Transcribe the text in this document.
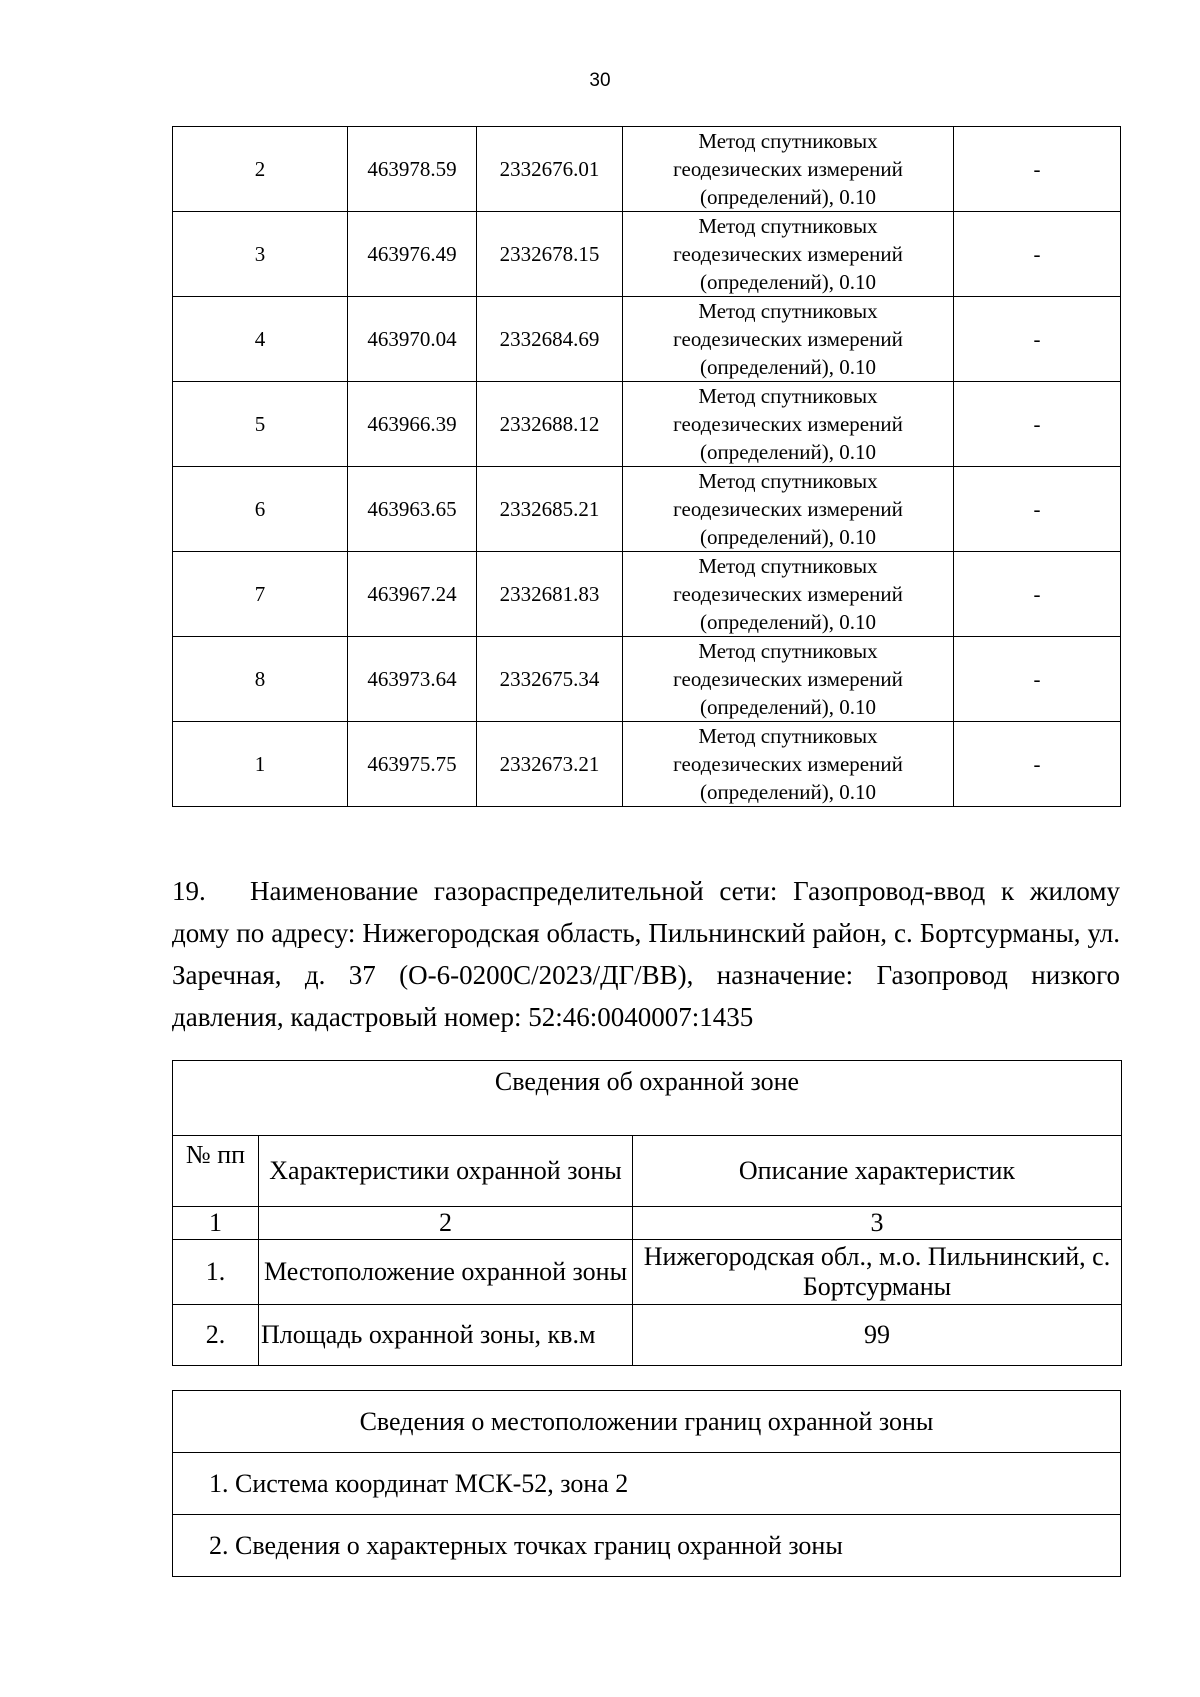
30
2	463978.59	2332676.01	Метод спутниковых
геодезических измерений
(определений), 0.10	-
3	463976.49	2332678.15	Метод спутниковых
геодезических измерений
(определений), 0.10	-
4	463970.04	2332684.69	Метод спутниковых
геодезических измерений
(определений), 0.10	-
5	463966.39	2332688.12	Метод спутниковых
геодезических измерений
(определений), 0.10	-
6	463963.65	2332685.21	Метод спутниковых
геодезических измерений
(определений), 0.10	-
7	463967.24	2332681.83	Метод спутниковых
геодезических измерений
(определений), 0.10	-
8	463973.64	2332675.34	Метод спутниковых
геодезических измерений
(определений), 0.10	-
1	463975.75	2332673.21	Метод спутниковых
геодезических измерений
(определений), 0.10	-
19. Наименование газораспределительной сети: Газопровод-ввод к жилому дому по адресу: Нижегородская область, Пильнинский район, с. Бортсурманы, ул. Заречная, д. 37 (О-6-0200С/2023/ДГ/ВВ), назначение: Газопровод низкого давления, кадастровый номер: 52:46:0040007:1435
Сведения об охранной зоне		
№ пп	Характеристики охранной зоны	Описание характеристик
1	2	3
1.	Местоположение охранной зоны	Нижегородская обл., м.о. Пильнинский, с. Бортсурманы
2.	Площадь охранной зоны, кв.м	99
Сведения о местоположении границ охранной зоны
1. Система координат МСК-52, зона 2
2. Сведения о характерных точках границ охранной зоны
